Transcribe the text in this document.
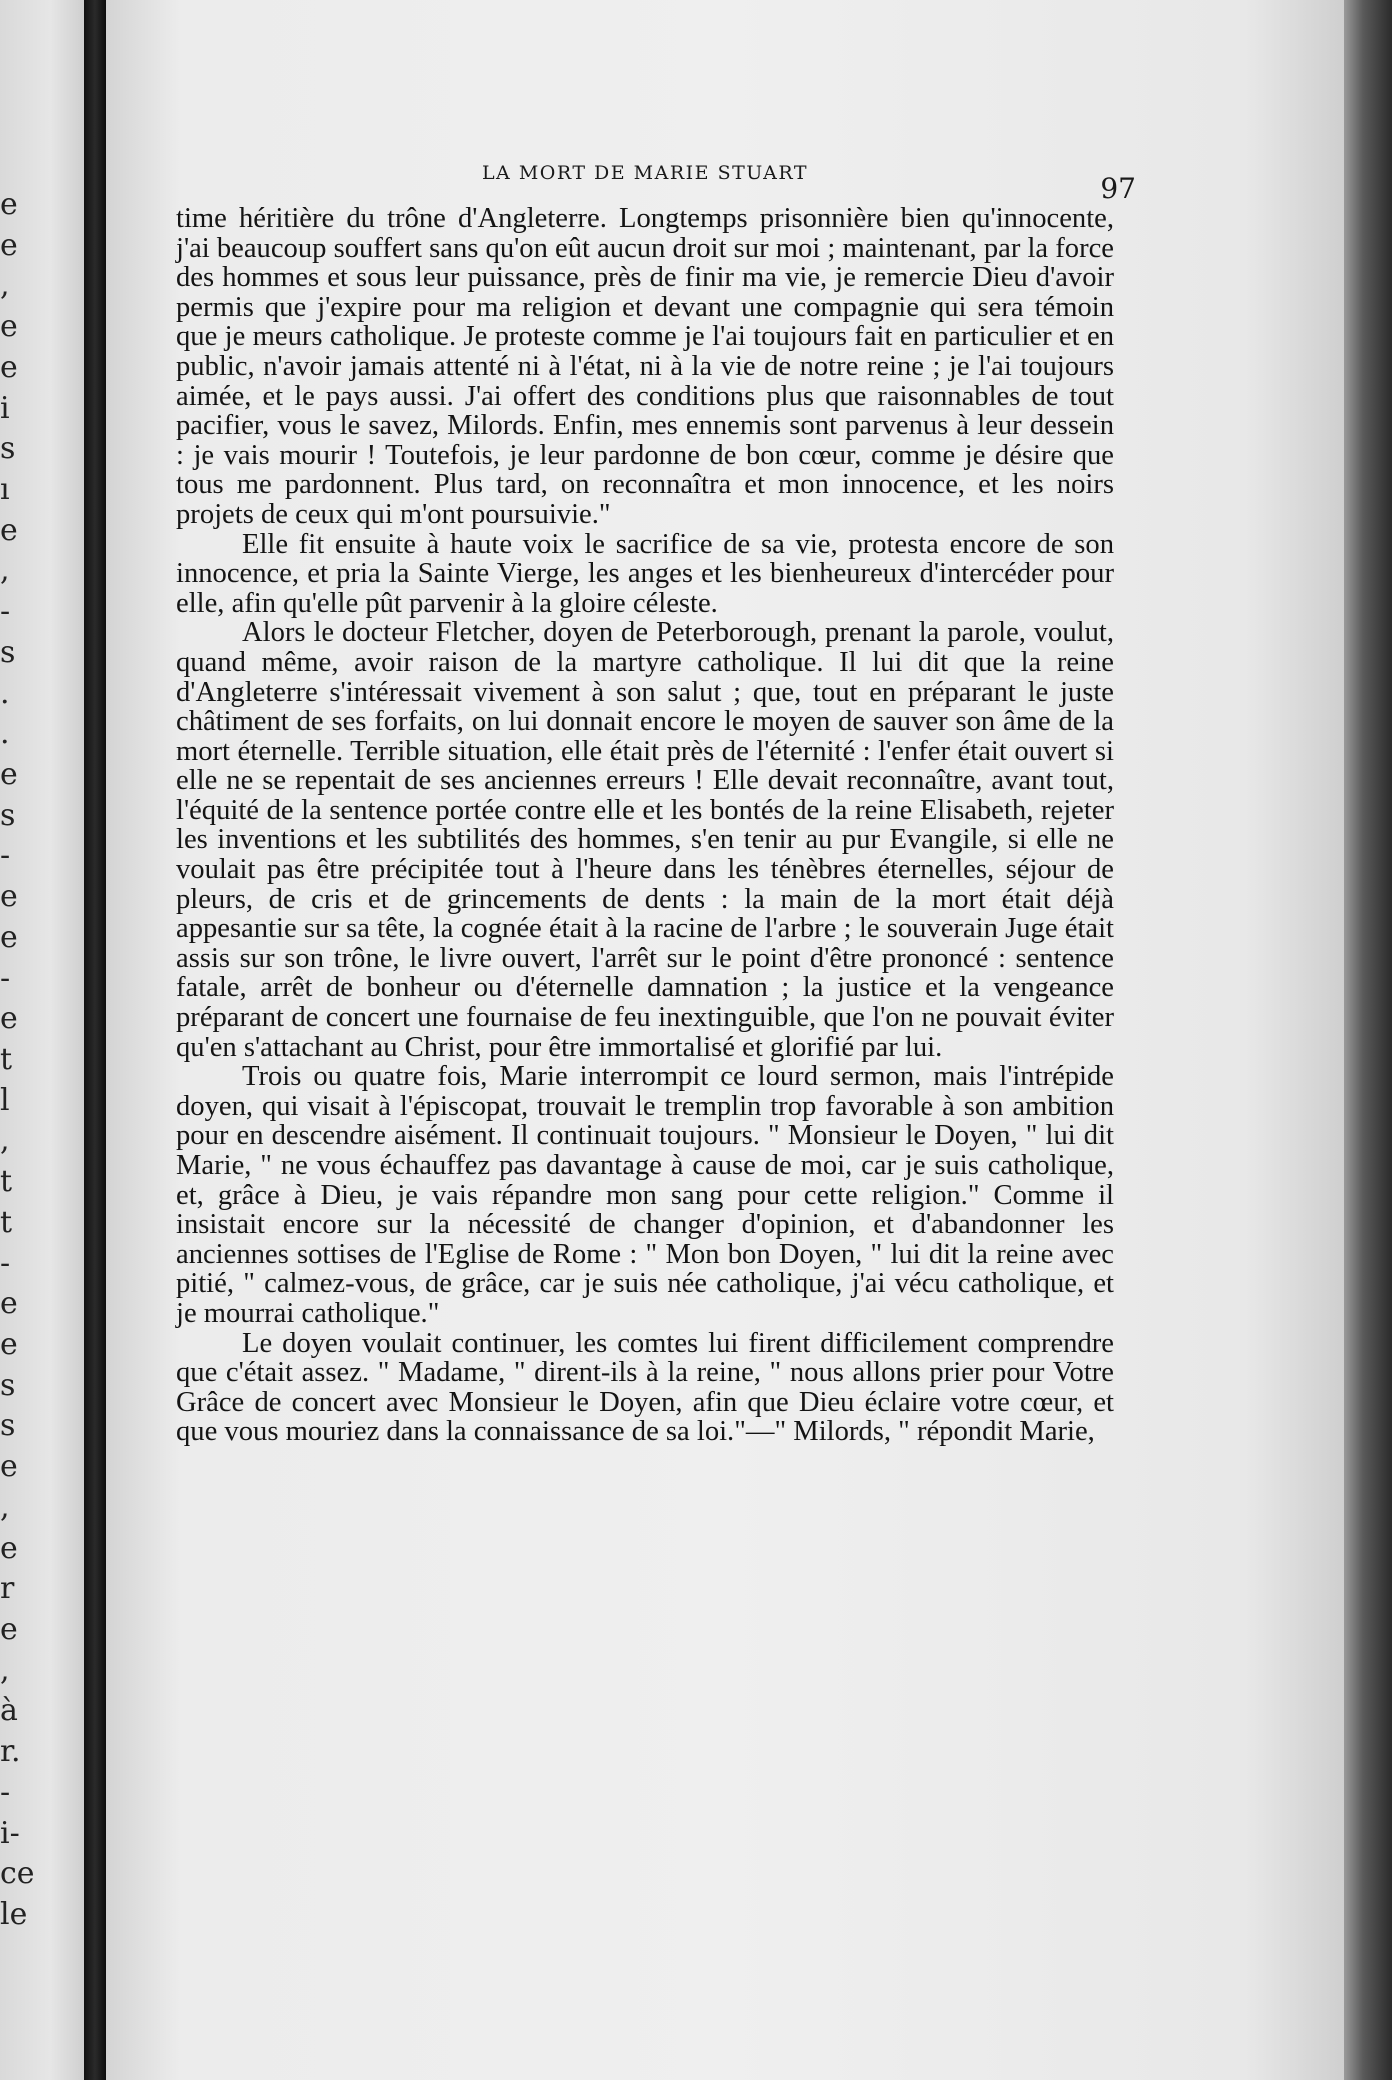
e
e
,
e
e
i
s
ı
e
,
-
s
.
.
e
s
-
e
e
-
e
t
l
,
t
t
-
e
e
s
s
e
,
e
r
e
,
à
r.
-
i-
ce
le
LA MORT DE MARIE STUART	97

time héritière du trône d'Angleterre. Longtemps prisonnière bien qu'innocente, j'ai beaucoup souffert sans qu'on eût aucun droit sur moi ; maintenant, par la force des hommes et sous leur puissance, près de finir ma vie, je remercie Dieu d'avoir permis que j'expire pour ma religion et devant une compagnie qui sera témoin que je meurs catholique. Je proteste comme je l'ai toujours fait en particulier et en public, n'avoir jamais attenté ni à l'état, ni à la vie de notre reine ; je l'ai toujours aimée, et le pays aussi. J'ai offert des conditions plus que raisonnables de tout pacifier, vous le savez, Milords. Enfin, mes ennemis sont parvenus à leur dessein : je vais mourir ! Toutefois, je leur pardonne de bon cœur, comme je désire que tous me pardonnent. Plus tard, on reconnaîtra et mon innocence, et les noirs projets de ceux qui m'ont poursuivie."

Elle fit ensuite à haute voix le sacrifice de sa vie, protesta encore de son innocence, et pria la Sainte Vierge, les anges et les bienheureux d'intercéder pour elle, afin qu'elle pût parvenir à la gloire céleste.

Alors le docteur Fletcher, doyen de Peterborough, prenant la parole, voulut, quand même, avoir raison de la martyre catholique. Il lui dit que la reine d'Angleterre s'intéressait vivement à son salut ; que, tout en préparant le juste châtiment de ses forfaits, on lui donnait encore le moyen de sauver son âme de la mort éternelle. Terrible situation, elle était près de l'éternité : l'enfer était ouvert si elle ne se repentait de ses anciennes erreurs ! Elle devait reconnaître, avant tout, l'équité de la sentence portée contre elle et les bontés de la reine Elisabeth, rejeter les inventions et les subtilités des hommes, s'en tenir au pur Evangile, si elle ne voulait pas être précipitée tout à l'heure dans les ténèbres éternelles, séjour de pleurs, de cris et de grincements de dents : la main de la mort était déjà appesantie sur sa tête, la cognée était à la racine de l'arbre ; le souverain Juge était assis sur son trône, le livre ouvert, l'arrêt sur le point d'être prononcé : sentence fatale, arrêt de bonheur ou d'éternelle damnation ; la justice et la vengeance préparant de concert une fournaise de feu inextinguible, que l'on ne pouvait éviter qu'en s'attachant au Christ, pour être immortalisé et glorifié par lui.

Trois ou quatre fois, Marie interrompit ce lourd sermon, mais l'intrépide doyen, qui visait à l'épiscopat, trouvait le tremplin trop favorable à son ambition pour en descendre aisément. Il continuait toujours. " Monsieur le Doyen, " lui dit Marie, " ne vous échauffez pas davantage à cause de moi, car je suis catholique, et, grâce à Dieu, je vais répandre mon sang pour cette religion." Comme il insistait encore sur la nécessité de changer d'opinion, et d'abandonner les anciennes sottises de l'Eglise de Rome : " Mon bon Doyen, " lui dit la reine avec pitié, " calmez-vous, de grâce, car je suis née catholique, j'ai vécu catholique, et je mourrai catholique."

Le doyen voulait continuer, les comtes lui firent difficilement comprendre que c'était assez. " Madame, " dirent-ils à la reine, " nous allons prier pour Votre Grâce de concert avec Monsieur le Doyen, afin que Dieu éclaire votre cœur, et que vous mouriez dans la connaissance de sa loi."—" Milords, " répondit Marie,
